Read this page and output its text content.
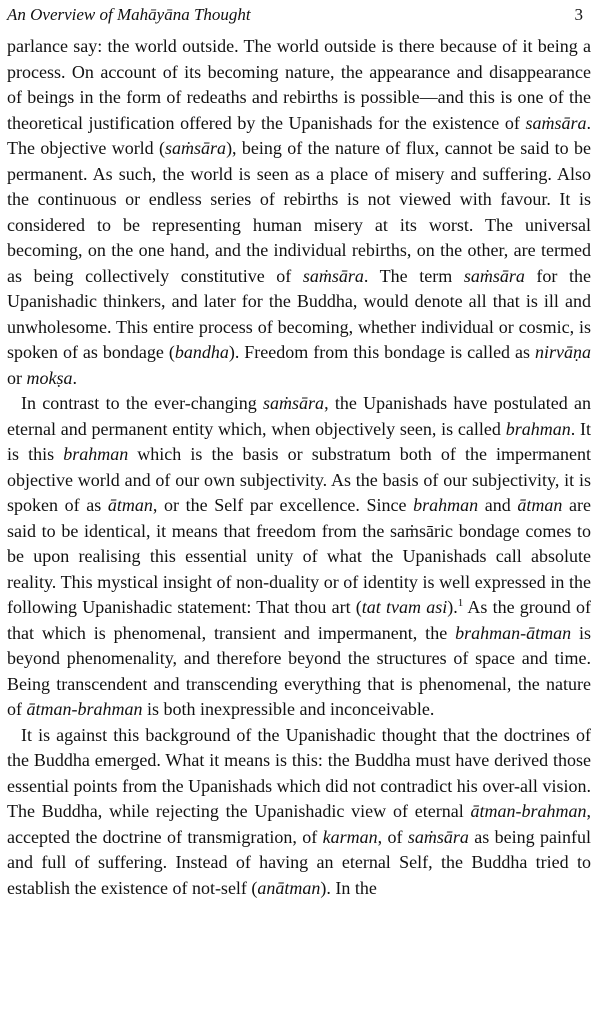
An Overview of Mahāyāna Thought	3

parlance say: the world outside. The world outside is there because of it being a process. On account of its becoming nature, the appearance and disappearance of beings in the form of redeaths and rebirths is possible—and this is one of the theoretical justification offered by the Upanishads for the existence of saṁsāra. The objective world (saṁsāra), being of the nature of flux, cannot be said to be permanent. As such, the world is seen as a place of misery and suffering. Also the continuous or endless series of rebirths is not viewed with favour. It is considered to be representing human misery at its worst. The universal becoming, on the one hand, and the individual rebirths, on the other, are termed as being collectively constitutive of saṁsāra. The term saṁsāra for the Upanishadic thinkers, and later for the Buddha, would denote all that is ill and unwholesome. This entire process of becoming, whether individual or cosmic, is spoken of as bondage (bandha). Freedom from this bondage is called as nirvāṇa or mokṣa.

In contrast to the ever-changing saṁsāra, the Upanishads have postulated an eternal and permanent entity which, when objectively seen, is called brahman. It is this brahman which is the basis or substratum both of the impermanent objective world and of our own subjectivity. As the basis of our subjectivity, it is spoken of as ātman, or the Self par excellence. Since brahman and ātman are said to be identical, it means that freedom from the saṁsāric bondage comes to be upon realising this essential unity of what the Upanishads call absolute reality. This mystical insight of non-duality or of identity is well expressed in the following Upanishadic statement: That thou art (tat tvam asi).$^1$ As the ground of that which is phenomenal, transient and impermanent, the brahman-ātman is beyond phenomenality, and therefore beyond the structures of space and time. Being transcendent and transcending everything that is phenomenal, the nature of ātman-brahman is both inexpressible and inconceivable.

It is against this background of the Upanishadic thought that the doctrines of the Buddha emerged. What it means is this: the Buddha must have derived those essential points from the Upanishads which did not contradict his over-all vision. The Buddha, while rejecting the Upanishadic view of eternal ātman-brahman, accepted the doctrine of transmigration, of karman, of saṁsāra as being painful and full of suffering. Instead of having an eternal Self, the Buddha tried to establish the existence of not-self (anātman). In the
